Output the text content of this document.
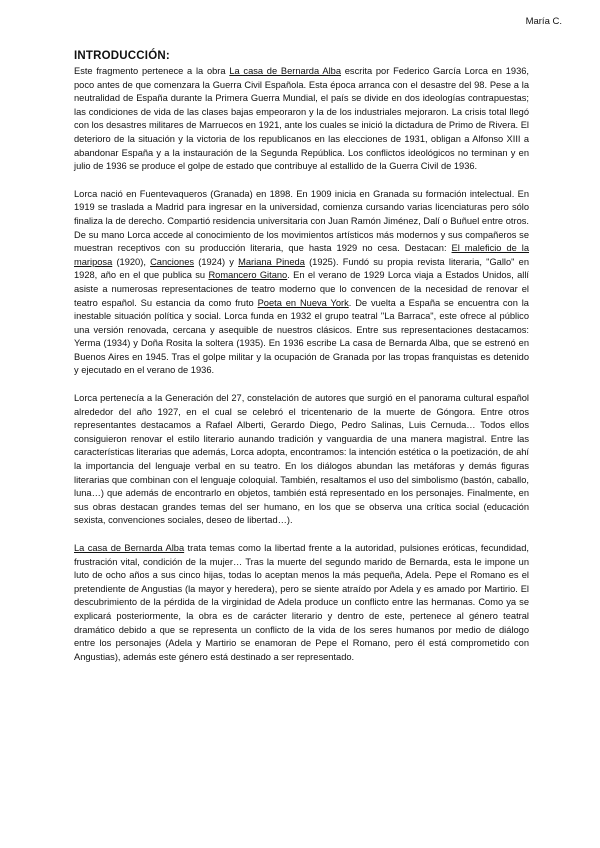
María C.
INTRODUCCIÓN:

Este fragmento pertenece a la obra La casa de Bernarda Alba escrita por Federico García Lorca en 1936, poco antes de que comenzara la Guerra Civil Española. Esta época arranca con el desastre del 98. Pese a la neutralidad de España durante la Primera Guerra Mundial, el país se divide en dos ideologías contrapuestas; las condiciones de vida de las clases bajas empeoraron y la de los industriales mejoraron. La crisis total llegó con los desastres militares de Marruecos en 1921, ante los cuales se inició la dictadura de Primo de Rivera. El deterioro de la situación y la victoria de los republicanos en las elecciones de 1931, obligan a Alfonso XIII a abandonar España y a la instauración de la Segunda República. Los conflictos ideológicos no terminan y en julio de 1936 se produce el golpe de estado que contribuye al estallido de la Guerra Civil de 1936.

Lorca nació en Fuentevaqueros (Granada) en 1898. En 1909 inicia en Granada su formación intelectual. En 1919 se traslada a Madrid para ingresar en la universidad, comienza cursando varias licenciaturas pero sólo finaliza la de derecho. Compartió residencia universitaria con Juan Ramón Jiménez, Dalí o Buñuel entre otros. De su mano Lorca accede al conocimiento de los movimientos artísticos más modernos y sus compañeros se muestran receptivos con su producción literaria, que hasta 1929 no cesa. Destacan: El maleficio de la mariposa (1920), Canciones (1924) y Mariana Pineda (1925). Fundó su propia revista literaria, "Gallo" en 1928, año en el que publica su Romancero Gitano. En el verano de 1929 Lorca viaja a Estados Unidos, allí asiste a numerosas representaciones de teatro moderno que lo convencen de la necesidad de renovar el teatro español. Su estancia da como fruto Poeta en Nueva York. De vuelta a España se encuentra con la inestable situación política y social. Lorca funda en 1932 el grupo teatral "La Barraca", este ofrece al público una versión renovada, cercana y asequible de nuestros clásicos. Entre sus representaciones destacamos: Yerma (1934) y Doña Rosita la soltera (1935). En 1936 escribe La casa de Bernarda Alba, que se estrenó en Buenos Aires en 1945. Tras el golpe militar y la ocupación de Granada por las tropas franquistas es detenido y ejecutado en el verano de 1936.

Lorca pertenecía a la Generación del 27, constelación de autores que surgió en el panorama cultural español alrededor del año 1927, en el cual se celebró el tricentenario de la muerte de Góngora. Entre otros representantes destacamos a Rafael Alberti, Gerardo Diego, Pedro Salinas, Luis Cernuda… Todos ellos consiguieron renovar el estilo literario aunando tradición y vanguardia de una manera magistral. Entre las características literarias que además, Lorca adopta, encontramos: la intención estética o la poetización, de ahí la importancia del lenguaje verbal en su teatro. En los diálogos abundan las metáforas y demás figuras literarias que combinan con el lenguaje coloquial. También, resaltamos el uso del simbolismo (bastón, caballo, luna…) que además de encontrarlo en objetos, también está representado en los personajes. Finalmente, en sus obras destacan grandes temas del ser humano, en los que se observa una crítica social (educación sexista, convenciones sociales, deseo de libertad…).

La casa de Bernarda Alba trata temas como la libertad frente a la autoridad, pulsiones eróticas, fecundidad, frustración vital, condición de la mujer… Tras la muerte del segundo marido de Bernarda, esta le impone un luto de ocho años a sus cinco hijas, todas lo aceptan menos la más pequeña, Adela. Pepe el Romano es el pretendiente de Angustias (la mayor y heredera), pero se siente atraído por Adela y es amado por Martirio. El descubrimiento de la pérdida de la virginidad de Adela produce un conflicto entre las hermanas. Como ya se explicará posteriormente, la obra es de carácter literario y dentro de este, pertenece al género teatral dramático debido a que se representa un conflicto de la vida de los seres humanos por medio de diálogo entre los personajes (Adela y Martirio se enamoran de Pepe el Romano, pero él está comprometido con Angustias), además este género está destinado a ser representado.
